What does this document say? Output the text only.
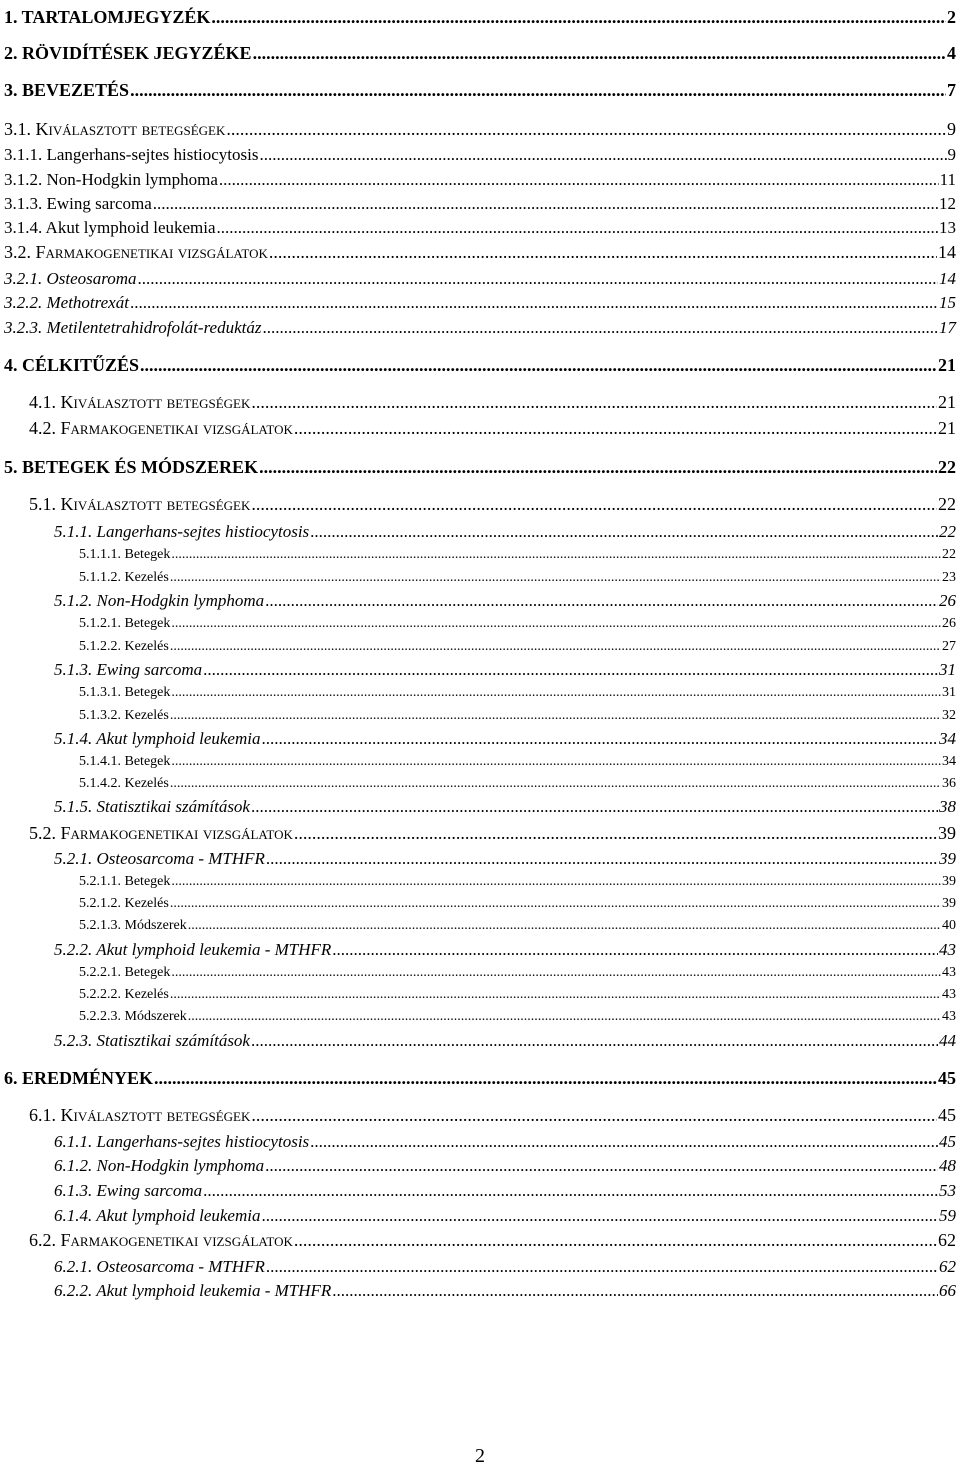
1. TARTALOMJEGYZÉK .....	2
2. RÖVIDÍTÉSEK JEGYZÉKE .....	4
3. BEVEZETÉS .....	7
3.1. Kiválasztott betegségek .....	9
3.1.1. Langerhans-sejtes histiocytosis .....	9
3.1.2. Non-Hodgkin lymphoma .....	11
3.1.3. Ewing sarcoma .....	12
3.1.4. Akut lymphoid leukemia .....	13
3.2. Farmakogenetikai vizsgálatok .....	14
3.2.1. Osteosaroma .....	14
3.2.2. Methotrexát .....	15
3.2.3. Metilentetrahidrofolát-reduktáz .....	17
4. CÉLKITŰZÉS .....	21
4.1. Kiválasztott betegségek .....	21
4.2. Farmakogenetikai vizsgálatok .....	21
5. BETEGEK ÉS MÓDSZEREK .....	22
5.1. Kiválasztott betegségek .....	22
5.1.1. Langerhans-sejtes histiocytosis .....	22
5.1.1.1. Betegek .....	22
5.1.1.2. Kezelés .....	23
5.1.2. Non-Hodgkin lymphoma .....	26
5.1.2.1. Betegek .....	26
5.1.2.2. Kezelés .....	27
5.1.3. Ewing sarcoma .....	31
5.1.3.1. Betegek .....	31
5.1.3.2. Kezelés .....	32
5.1.4. Akut lymphoid leukemia .....	34
5.1.4.1. Betegek .....	34
5.1.4.2. Kezelés .....	36
5.1.5. Statisztikai számítások .....	38
5.2. Farmakogenetikai vizsgálatok .....	39
5.2.1. Osteosarcoma - MTHFR .....	39
5.2.1.1. Betegek .....	39
5.2.1.2. Kezelés .....	39
5.2.1.3. Módszerek .....	40
5.2.2. Akut lymphoid leukemia - MTHFR .....	43
5.2.2.1. Betegek .....	43
5.2.2.2. Kezelés .....	43
5.2.2.3. Módszerek .....	43
5.2.3. Statisztikai számítások .....	44
6. EREDMÉNYEK .....	45
6.1. Kiválasztott betegségek .....	45
6.1.1. Langerhans-sejtes histiocytosis .....	45
6.1.2. Non-Hodgkin lymphoma .....	48
6.1.3. Ewing sarcoma .....	53
6.1.4. Akut lymphoid leukemia .....	59
6.2. Farmakogenetikai vizsgálatok .....	62
6.2.1. Osteosarcoma - MTHFR .....	62
6.2.2. Akut lymphoid leukemia - MTHFR .....	66
2
